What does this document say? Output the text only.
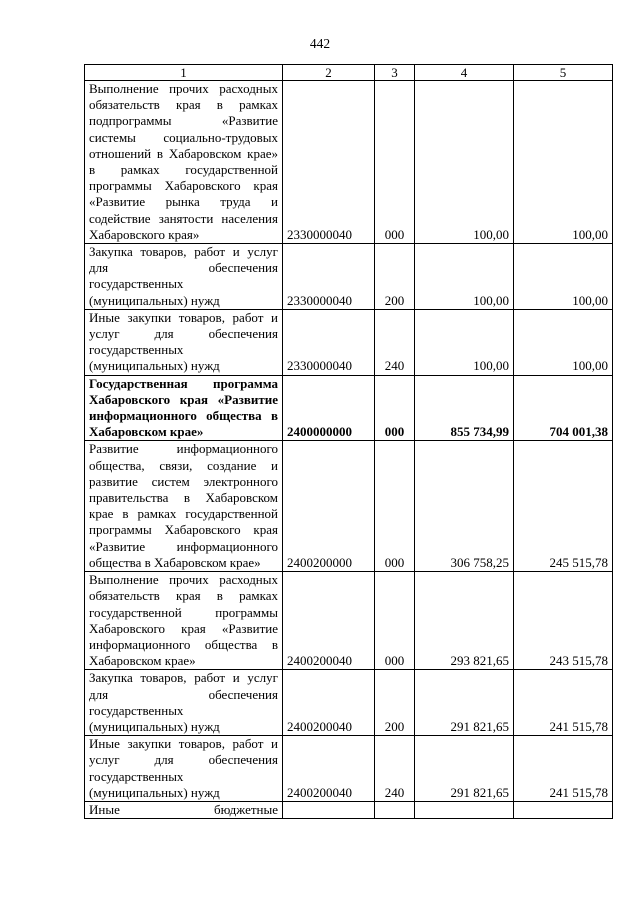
442
1	2	3	4	5
Выполнение прочих расходных обязательств края в рамках подпрограммы «Развитие системы социально-трудовых отношений в Хабаровском крае» в рамках государственной программы Хабаровского края «Развитие рынка труда и содействие занятости населения Хабаровского края»	2330000040	000	100,00	100,00
Закупка товаров, работ и услуг для обеспечения государственных (муниципальных) нужд	2330000040	200	100,00	100,00
Иные закупки товаров, работ и услуг для обеспечения государственных (муниципальных) нужд	2330000040	240	100,00	100,00
Государственная программа Хабаровского края «Развитие информационного общества в Хабаровском крае»	2400000000	000	855 734,99	704 001,38
Развитие информационного общества, связи, создание и развитие систем электронного правительства в Хабаровском крае в рамках государственной программы Хабаровского края «Развитие информационного общества в Хабаровском крае»	2400200000	000	306 758,25	245 515,78
Выполнение прочих расходных обязательств края в рамках государственной программы Хабаровского края «Развитие информационного общества в Хабаровском крае»	2400200040	000	293 821,65	243 515,78
Закупка товаров, работ и услуг для обеспечения государственных (муниципальных) нужд	2400200040	200	291 821,65	241 515,78
Иные закупки товаров, работ и услуг для обеспечения государственных (муниципальных) нужд	2400200040	240	291 821,65	241 515,78
Иные бюджетные				
